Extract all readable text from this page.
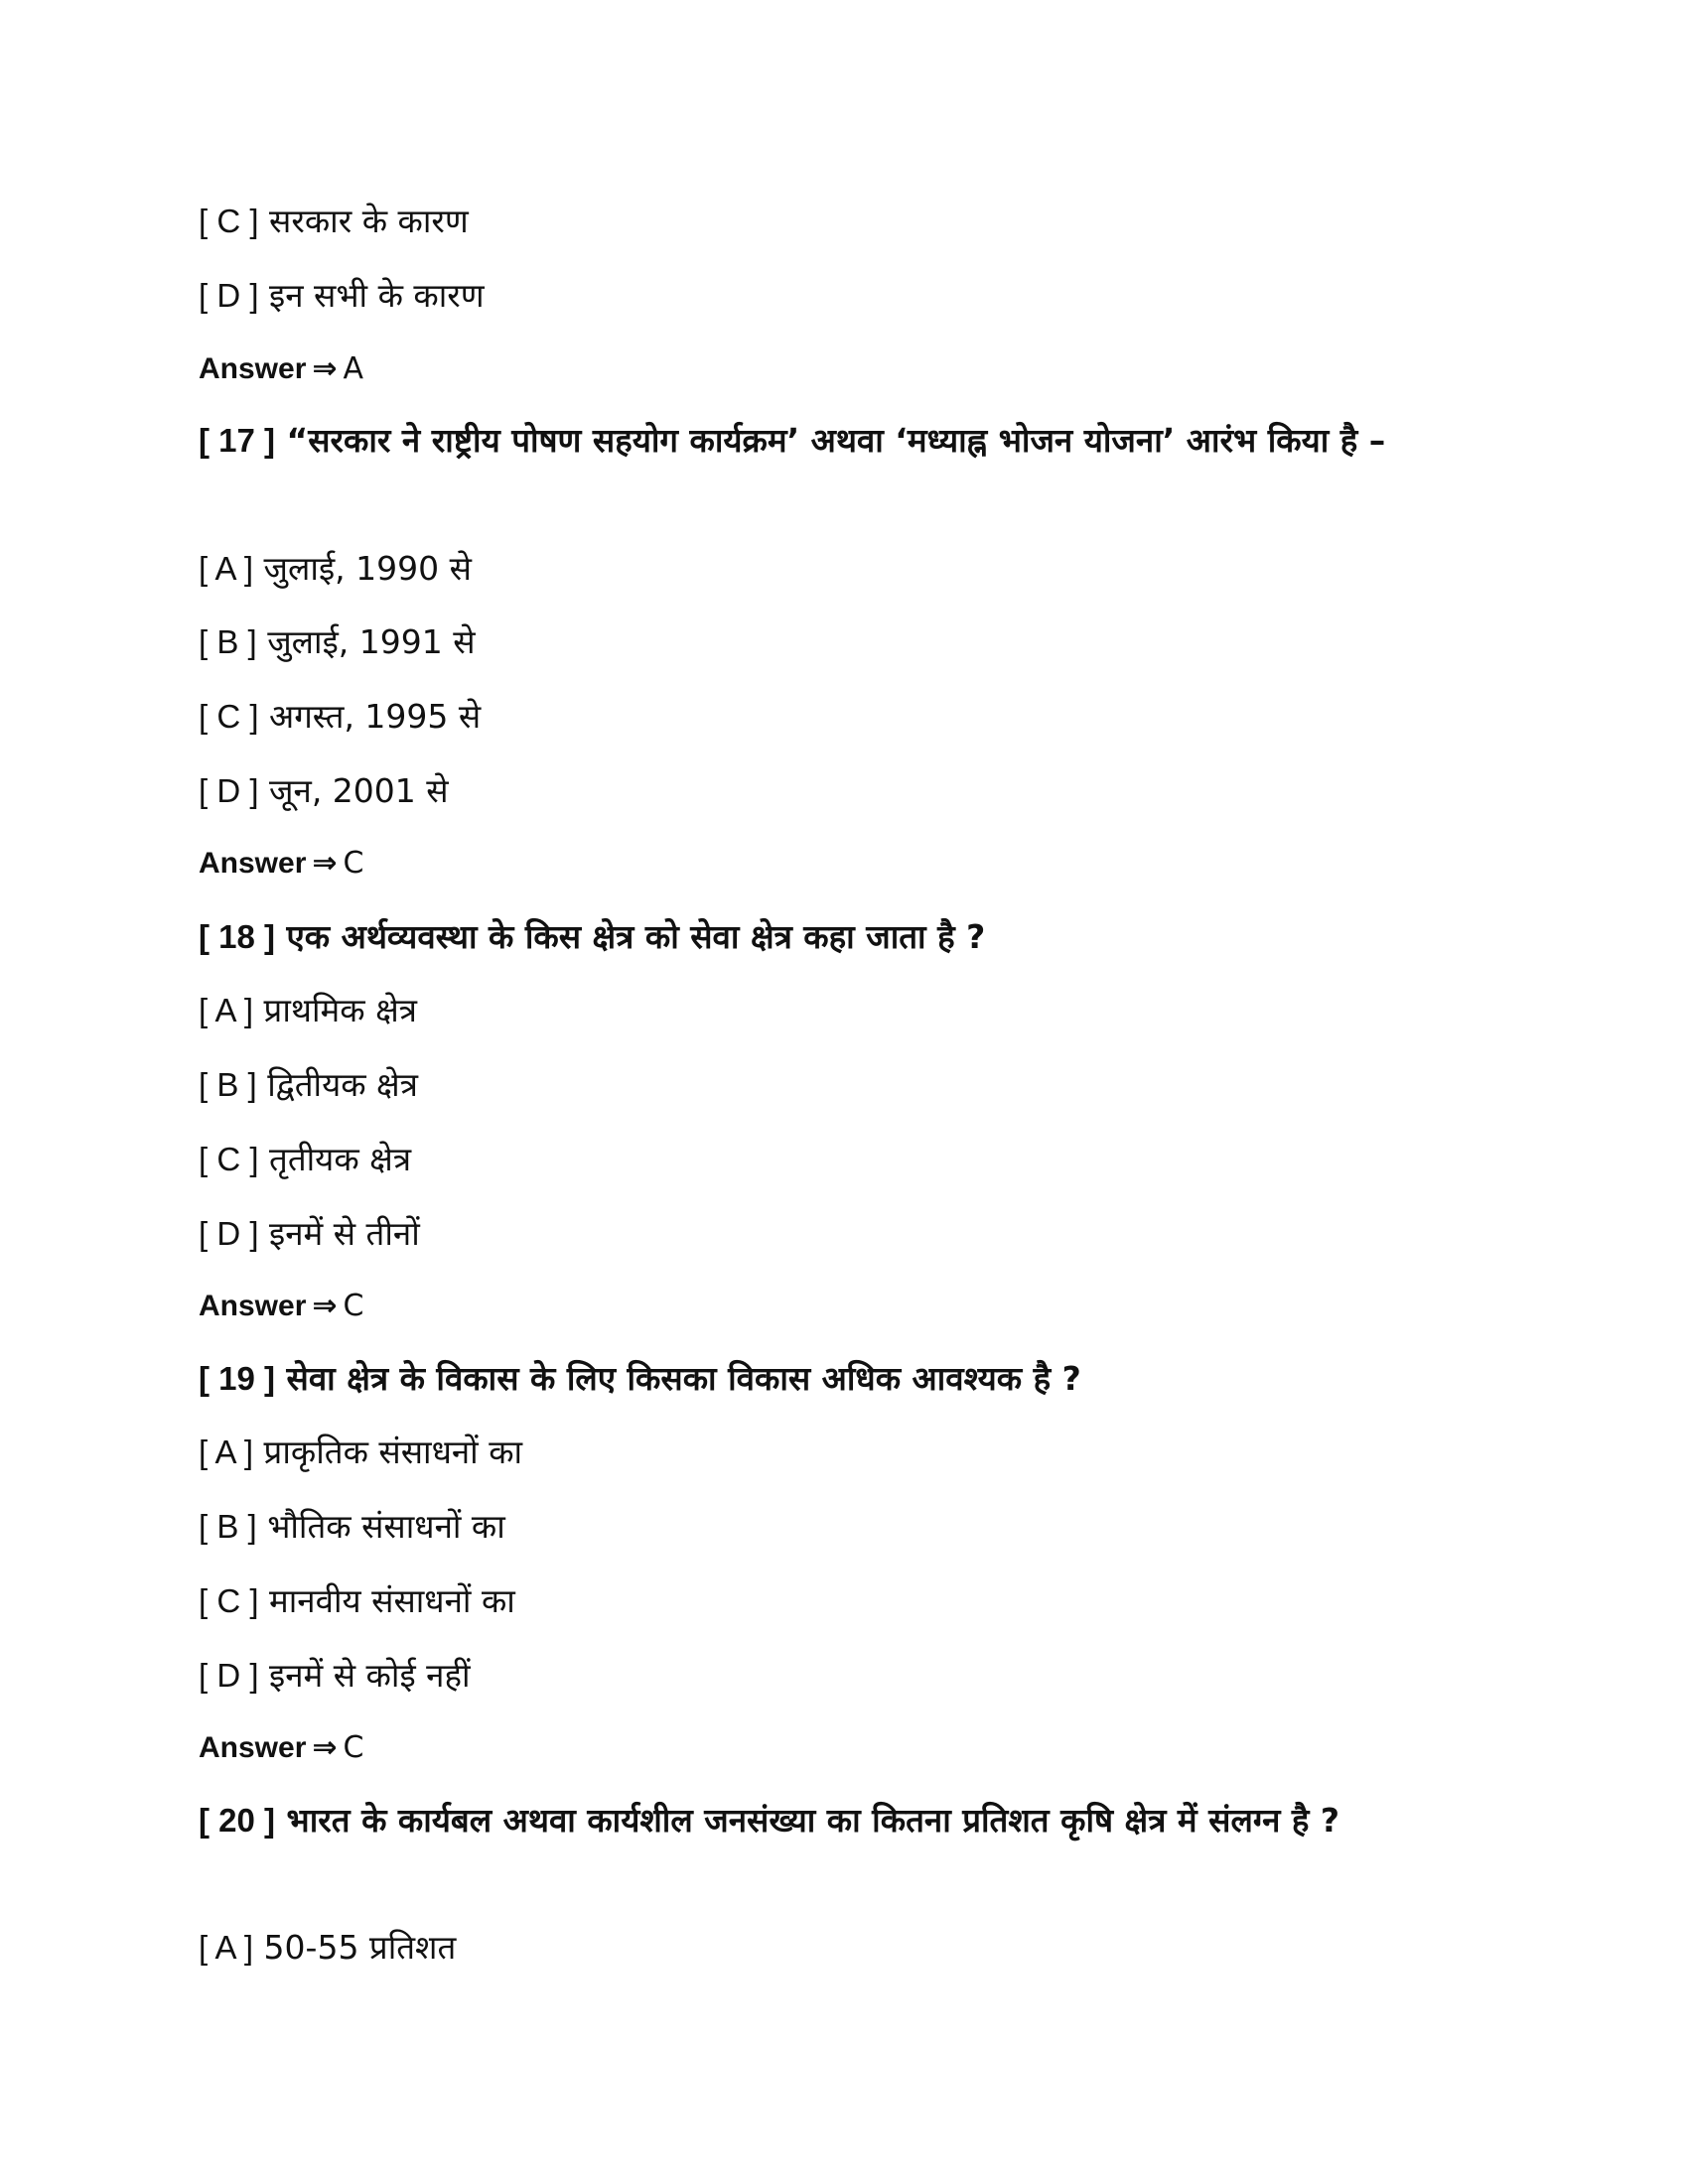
[ C ] सरकार के कारण
[ D ] इन सभी के कारण
Answer ⇒ A
[ 17 ] “सरकार ने राष्ट्रीय पोषण सहयोग कार्यक्रम’ अथवा ‘मध्याह्न भोजन योजना’ आरंभ किया है –
[ A ] जुलाई, 1990 से
[ B ] जुलाई, 1991 से
[ C ] अगस्त, 1995 से
[ D ] जून, 2001 से
Answer ⇒ C
[ 18 ] एक अर्थव्यवस्था के किस क्षेत्र को सेवा क्षेत्र कहा जाता है ?
[ A ] प्राथमिक क्षेत्र
[ B ] द्वितीयक क्षेत्र
[ C ] तृतीयक क्षेत्र
[ D ] इनमें से तीनों
Answer ⇒ C
[ 19 ] सेवा क्षेत्र के विकास के लिए किसका विकास अधिक आवश्यक है ?
[ A ] प्राकृतिक संसाधनों का
[ B ] भौतिक संसाधनों का
[ C ] मानवीय संसाधनों का
[ D ] इनमें से कोई नहीं
Answer ⇒ C
[ 20 ] भारत के कार्यबल अथवा कार्यशील जनसंख्या का कितना प्रतिशत कृषि क्षेत्र में संलग्न है ?
[ A ] 50-55 प्रतिशत
